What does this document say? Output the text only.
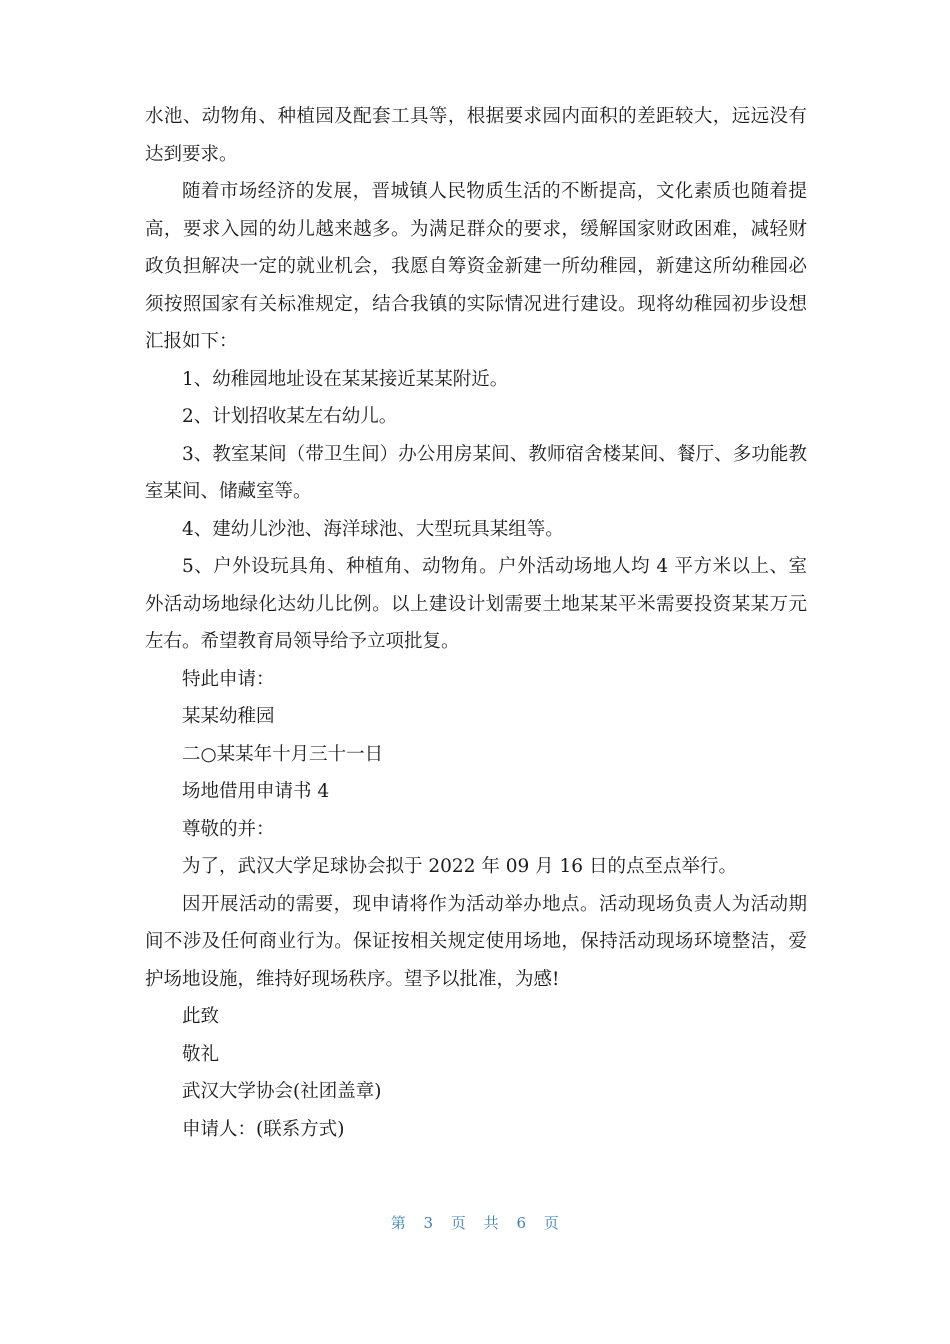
水池、动物角、种植园及配套工具等，根据要求园内面积的差距较大，远远没有达到要求。

随着市场经济的发展，晋城镇人民物质生活的不断提高，文化素质也随着提高，要求入园的幼儿越来越多。为满足群众的要求，缓解国家财政困难，减轻财政负担解决一定的就业机会，我愿自筹资金新建一所幼稚园，新建这所幼稚园必须按照国家有关标准规定，结合我镇的实际情况进行建设。现将幼稚园初步设想汇报如下：

1、幼稚园地址设在某某接近某某附近。

2、计划招收某左右幼儿。

3、教室某间（带卫生间）办公用房某间、教师宿舍楼某间、餐厅、多功能教室某间、储藏室等。

4、建幼儿沙池、海洋球池、大型玩具某组等。

5、户外设玩具角、种植角、动物角。户外活动场地人均 4 平方米以上、室外活动场地绿化达幼儿比例。以上建设计划需要土地某某平米需要投资某某万元左右。希望教育局领导给予立项批复。

特此申请：

某某幼稚园

二○某某年十月三十一日

场地借用申请书 4

尊敬的并：

为了，武汉大学足球协会拟于 2022 年 09 月 16 日的点至点举行。

因开展活动的需要，现申请将作为活动举办地点。活动现场负责人为活动期间不涉及任何商业行为。保证按相关规定使用场地，保持活动现场环境整洁，爱护场地设施，维持好现场秩序。望予以批准，为感!

此致

敬礼

武汉大学协会(社团盖章)

申请人：(联系方式)

第 3 页 共 6 页
